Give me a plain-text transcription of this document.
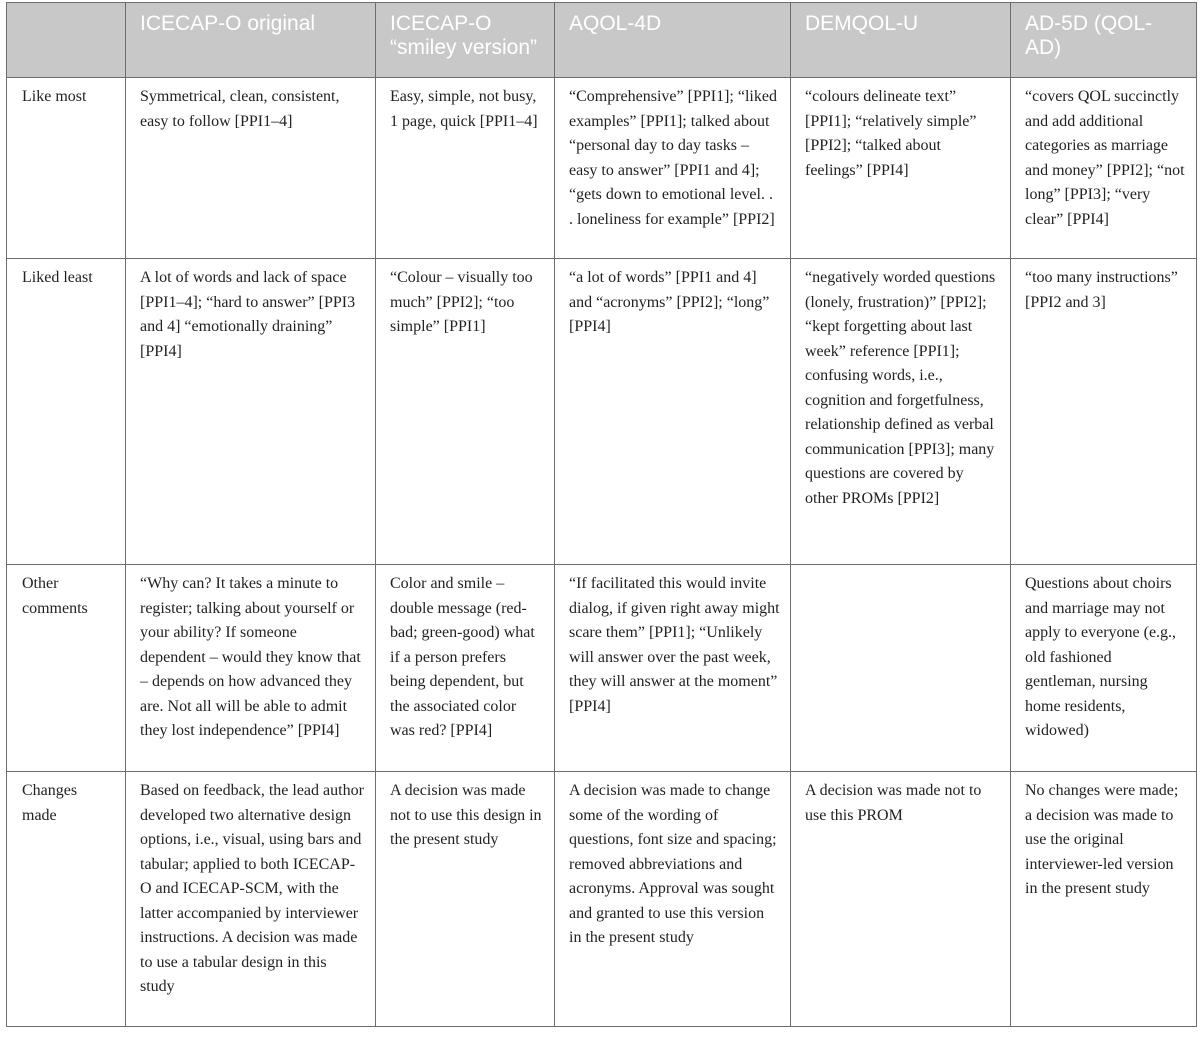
	ICECAP-O original	ICECAP-O “smiley version”	AQOL-4D	DEMQOL-U	AD-5D (QOL-AD)
Like most	Symmetrical, clean, consistent, easy to follow [PPI1–4]	Easy, simple, not busy, 1 page, quick [PPI1–4]	“Comprehensive” [PPI1]; “liked examples” [PPI1]; talked about “personal day to day tasks – easy to answer” [PPI1 and 4]; “gets down to emotional level. . . loneliness for example” [PPI2]	“colours delineate text” [PPI1]; “relatively simple” [PPI2]; “talked about feelings” [PPI4]	“covers QOL succinctly and add additional categories as marriage and money” [PPI2]; “not long” [PPI3]; “very clear” [PPI4]
Liked least	A lot of words and lack of space [PPI1–4]; “hard to answer” [PPI3 and 4] “emotionally draining” [PPI4]	“Colour – visually too much” [PPI2]; “too simple” [PPI1]	“a lot of words” [PPI1 and 4] and “acronyms” [PPI2]; “long” [PPI4]	“negatively worded questions (lonely, frustration)” [PPI2]; “kept forgetting about last week” reference [PPI1]; confusing words, i.e., cognition and forgetfulness, relationship defined as verbal communication [PPI3]; many questions are covered by other PROMs [PPI2]	“too many instructions” [PPI2 and 3]
Other comments	“Why can? It takes a minute to register; talking about yourself or your ability? If someone dependent – would they know that – depends on how advanced they are. Not all will be able to admit they lost independence” [PPI4]	Color and smile – double message (red-bad; green-good) what if a person prefers being dependent, but the associated color was red? [PPI4]	“If facilitated this would invite dialog, if given right away might scare them” [PPI1]; “Unlikely will answer over the past week, they will answer at the moment” [PPI4]		Questions about choirs and marriage may not apply to everyone (e.g., old fashioned gentleman, nursing home residents, widowed)
Changes made	Based on feedback, the lead author developed two alternative design options, i.e., visual, using bars and tabular; applied to both ICECAP-O and ICECAP-SCM, with the latter accompanied by interviewer instructions. A decision was made to use a tabular design in this study	A decision was made not to use this design in the present study	A decision was made to change some of the wording of questions, font size and spacing; removed abbreviations and acronyms. Approval was sought and granted to use this version in the present study	A decision was made not to use this PROM	No changes were made; a decision was made to use the original interviewer-led version in the present study
